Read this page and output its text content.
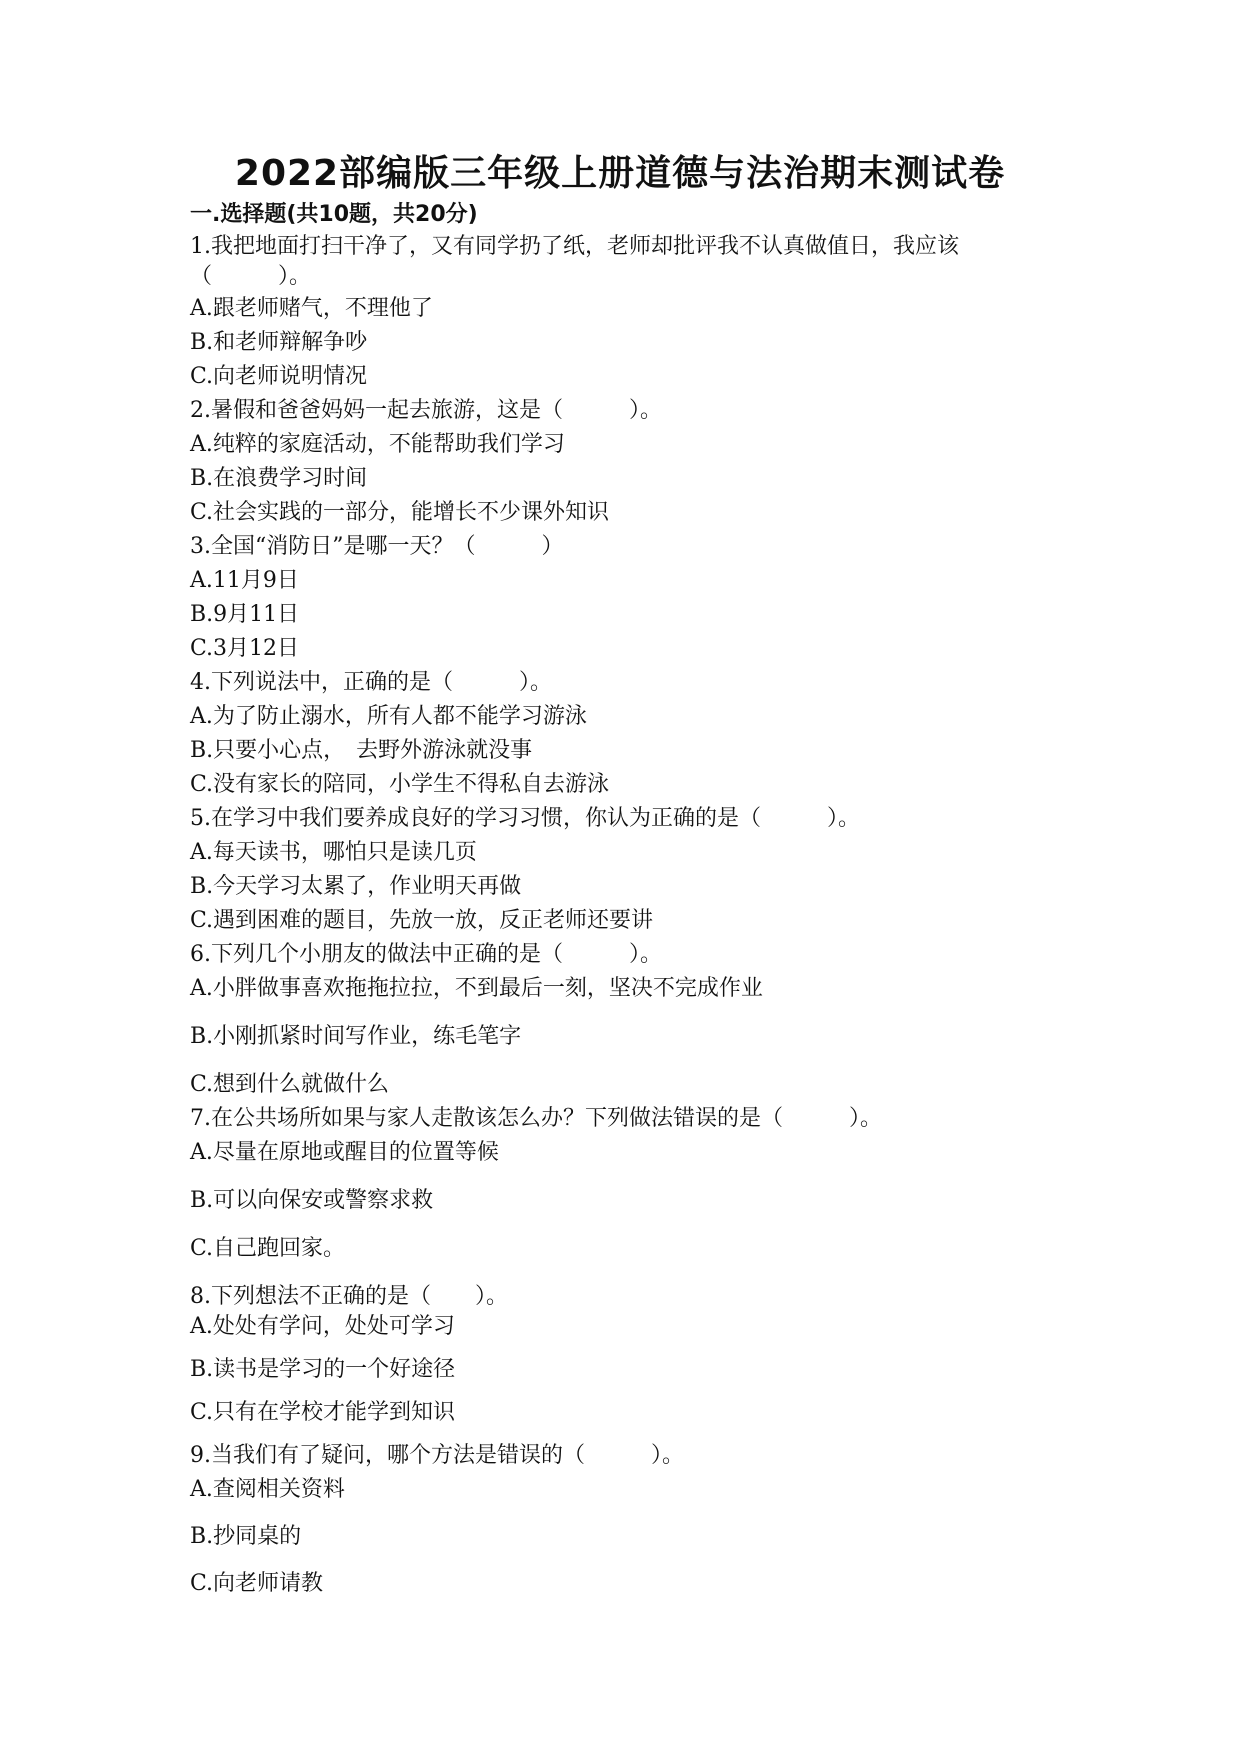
2022部编版三年级上册道德与法治期末测试卷
一.选择题(共10题，共20分)

1.我把地面打扫干净了，又有同学扔了纸，老师却批评我不认真做值日，我应该（　　　）。

A.跟老师赌气，不理他了

B.和老师辩解争吵

C.向老师说明情况

2.暑假和爸爸妈妈一起去旅游，这是（　　　）。

A.纯粹的家庭活动，不能帮助我们学习

B.在浪费学习时间

C.社会实践的一部分，能增长不少课外知识

3.全国“消防日”是哪一天？（　　　）

A.11月9日

B.9月11日

C.3月12日

4.下列说法中，正确的是（　　　）。

A.为了防止溺水，所有人都不能学习游泳

B.只要小心点，　去野外游泳就没事

C.没有家长的陪同，小学生不得私自去游泳

5.在学习中我们要养成良好的学习习惯，你认为正确的是（　　　）。

A.每天读书，哪怕只是读几页

B.今天学习太累了，作业明天再做

C.遇到困难的题目，先放一放，反正老师还要讲

6.下列几个小朋友的做法中正确的是（　　　）。

A.小胖做事喜欢拖拖拉拉，不到最后一刻，坚决不完成作业

B.小刚抓紧时间写作业，练毛笔字

C.想到什么就做什么

7.在公共场所如果与家人走散该怎么办？下列做法错误的是（　　　）。

A.尽量在原地或醒目的位置等候

B.可以向保安或警察求救

C.自己跑回家。

8.下列想法不正确的是（　　）。

A.处处有学问，处处可学习

B.读书是学习的一个好途径

C.只有在学校才能学到知识

9.当我们有了疑问，哪个方法是错误的（　　　）。

A.查阅相关资料

B.抄同桌的

C.向老师请教
